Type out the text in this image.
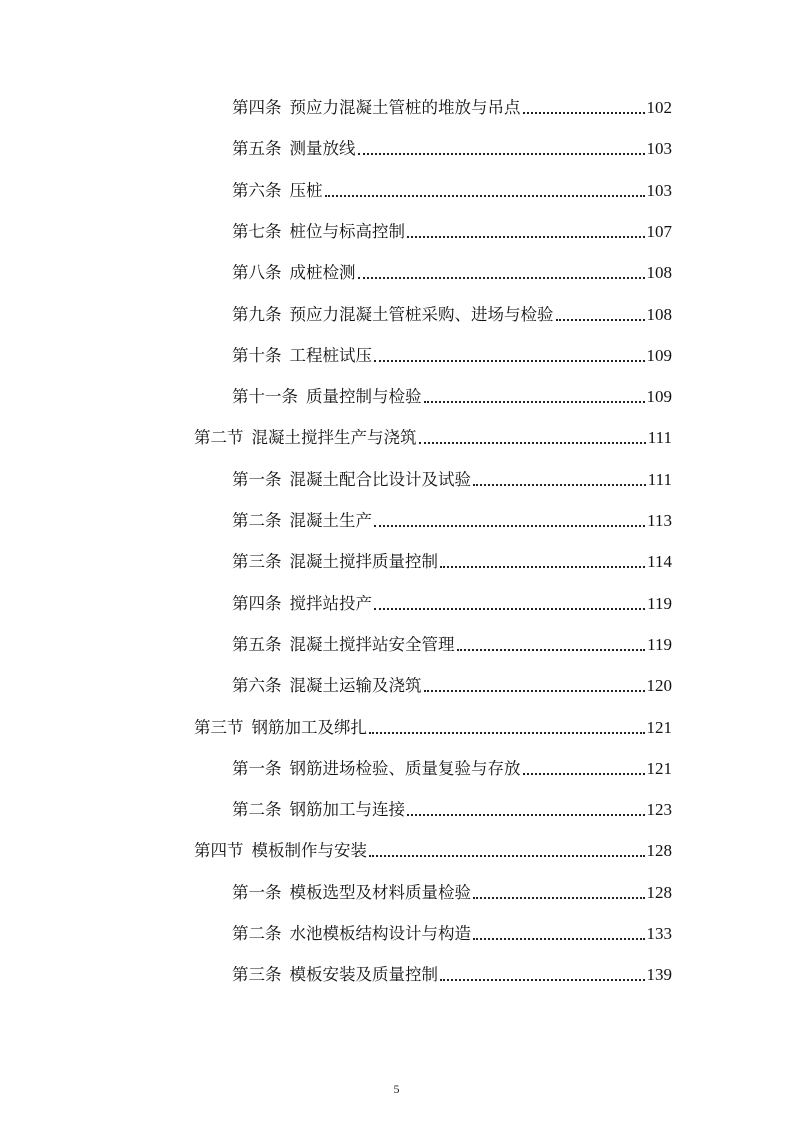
第四条 预应力混凝土管桩的堆放与吊点	102
第五条 测量放线	103
第六条 压桩	103
第七条 桩位与标高控制	107
第八条 成桩检测	108
第九条 预应力混凝土管桩采购、进场与检验	108
第十条 工程桩试压	109
第十一条 质量控制与检验	109
第二节 混凝土搅拌生产与浇筑	111
第一条 混凝土配合比设计及试验	111
第二条 混凝土生产	113
第三条 混凝土搅拌质量控制	114
第四条 搅拌站投产	119
第五条 混凝土搅拌站安全管理	119
第六条 混凝土运输及浇筑	120
第三节 钢筋加工及绑扎	121
第一条 钢筋进场检验、质量复验与存放	121
第二条 钢筋加工与连接	123
第四节 模板制作与安装	128
第一条 模板选型及材料质量检验	128
第二条 水池模板结构设计与构造	133
第三条 模板安装及质量控制	139
5
